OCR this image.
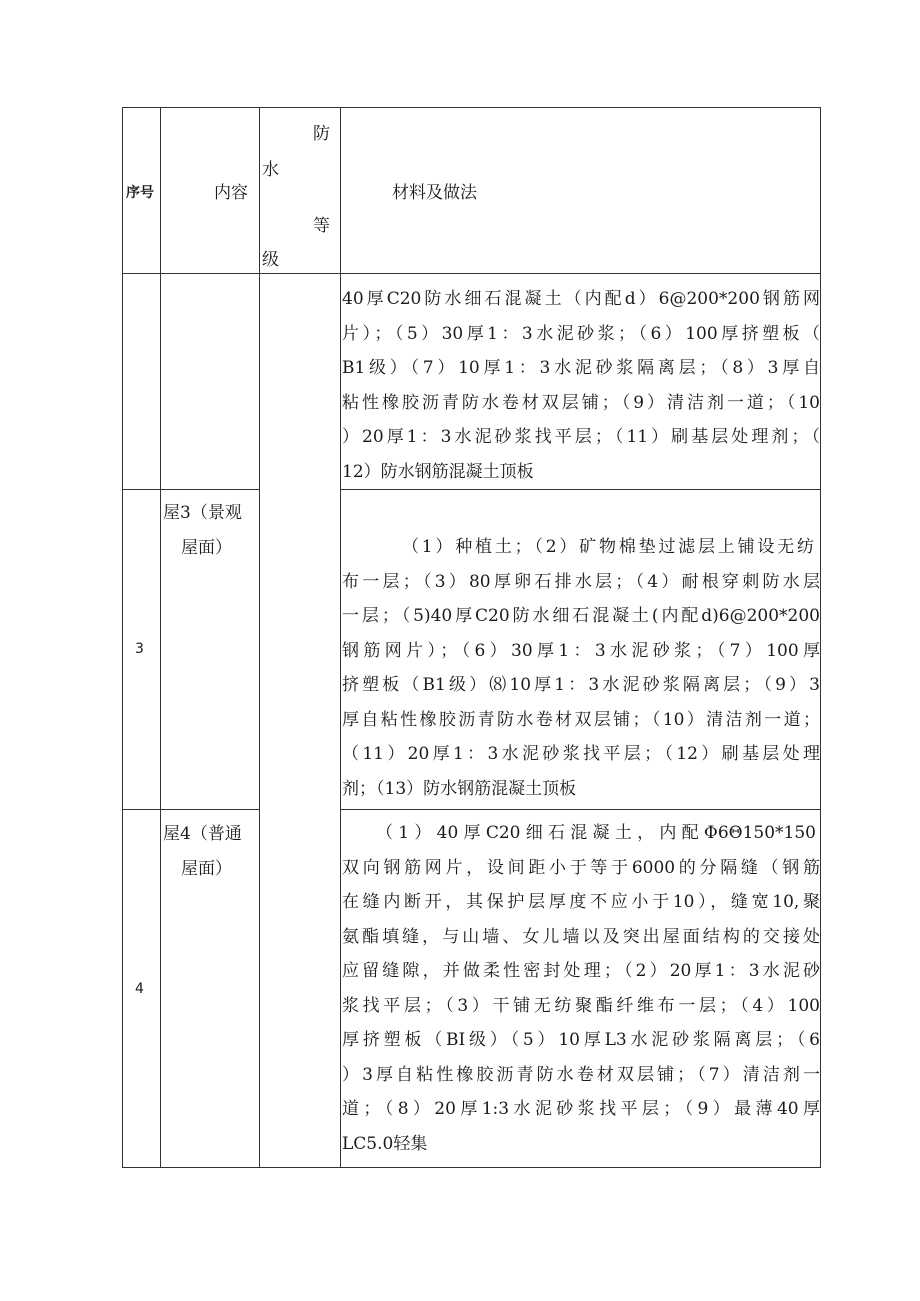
序号	内容
防
水
等
级
材料及做法
40厚C20防水细石混凝土（内配d）6@200*200钢筋网
片）；（5）30厚1：3水泥砂浆；（6）100厚挤塑板（
B1级）（7）10厚1：3水泥砂浆隔离层；（8）3厚自
粘性橡胶沥青防水卷材双层铺；（9）清洁剂一道；（10
）20厚1：3水泥砂浆找平层；（11）刷基层处理剂；（
12）防水钢筋混凝土顶板
3
屋3（景观
屋面）	（1）种植土；（2）矿物棉垫过滤层上铺设无纺
布一层；（3）80厚卵石排水层；（4）耐根穿刺防水层
一层；（5)40厚C20防水细石混凝土(内配d)6@200*200
钢筋网片）；（6）30厚1：3水泥砂浆；（7）100厚
挤塑板（B1级）⑻10厚1：3水泥砂浆隔离层；（9）3
厚自粘性橡胶沥青防水卷材双层铺；（10）清洁剂一道；
（11）20厚1：3水泥砂浆找平层；（12）刷基层处理
剂；（13）防水钢筋混凝土顶板
4
屋4（普通
屋面）
（1）40厚C20细石混凝土，内配Φ6Θ150*150
双向钢筋网片，设间距小于等于6000的分隔缝（钢筋
在缝内断开，其保护层厚度不应小于10），缝宽10,聚
氨酯填缝，与山墙、女儿墙以及突出屋面结构的交接处
应留缝隙，并做柔性密封处理；（2）20厚1：3水泥砂
浆找平层；（3）干铺无纺聚酯纤维布一层；（4）100
厚挤塑板（BI级）（5）10厚L3水泥砂浆隔离层；（6
）3厚自粘性橡胶沥青防水卷材双层铺；（7）清洁剂一
道；（8）20厚1:3水泥砂浆找平层；（9）最薄40厚
LC5.0轻集
